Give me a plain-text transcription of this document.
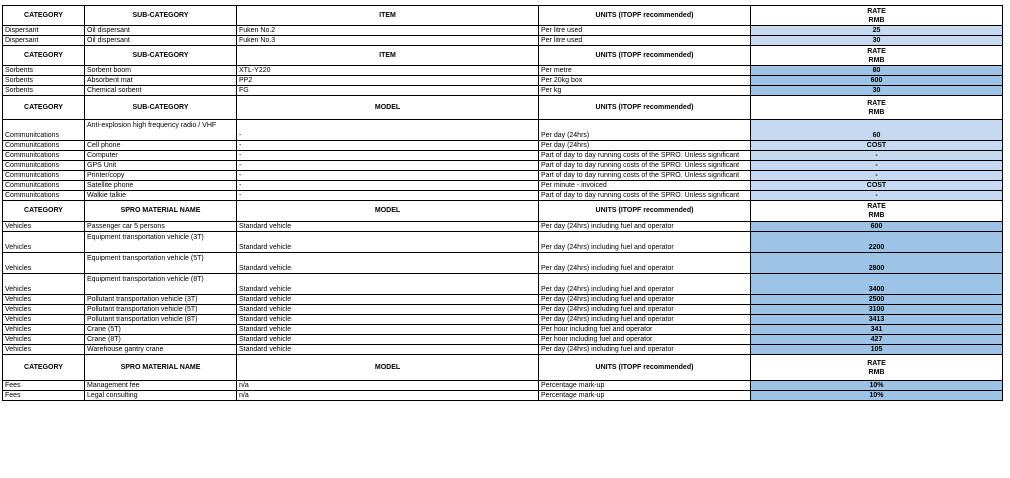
CATEGORY	SUB-CATEGORY	ITEM	UNITS (ITOPF recommended)	RATE
RMB
Dispersant	Oil dispersant	Fuken No.2	Per litre used	25
Dispersant	Oil dispersant	Fuken No.3	Per litre used	30
CATEGORY	SUB-CATEGORY	ITEM	UNITS (ITOPF recommended)	RATE
RMB
Sorbents	Sorbent boom	XTL-Y220	Per metre	80
Sorbents	Absorbent mat	PP2	Per 20kg box	600
Sorbents	Chemical sorbent	FG	Per kg	30
CATEGORY	SUB-CATEGORY	MODEL	UNITS (ITOPF recommended)	RATE
RMB
Communitcations	Anti-explosion high frequency radio / VHF	-	Per day (24hrs)	60
Communitcations	Cell phone	-	Per day (24hrs)	COST
Communitcations	Computer	-	Part of day to day running costs of the SPRO. Unless significant	-
Communitcations	GPS Unit	-	Part of day to day running costs of the SPRO. Unless significant	-
Communitcations	Printer/copy	-	Part of day to day running costs of the SPRO. Unless significant	-
Communitcations	Satellite phone	-	Per minute - invoiced	COST
Communitcations	Walkie talkie	-	Part of day to day running costs of the SPRO. Unless significant	-
CATEGORY	SPRO MATERIAL NAME	MODEL	UNITS (ITOPF recommended)	RATE
RMB
Vehicles	Passenger car 5 persons	Standard vehicle	Per day (24hrs) including fuel and operator	600
Vehicles	Equipment transportation vehicle (3T)	Standard vehicle	Per day (24hrs) including fuel and operator	2200
Vehicles	Equipment transportation vehicle (5T)	Standard vehicle	Per day (24hrs) including fuel and operator	2800
Vehicles	Equipment transportation vehicle (8T)	Standard vehicle	Per day (24hrs) including fuel and operator	3400
Vehicles	Pollutant transportation vehicle (3T)	Standard vehicle	Per day (24hrs) including fuel and operator	2500
Vehicles	Pollutant transportation vehicle (5T)	Standard vehicle	Per day (24hrs) including fuel and operator	3100
Vehicles	Pollutant transportation vehicle (8T)	Standard vehicle	Per day (24hrs) including fuel and operator	3413
Vehicles	Crane (5T)	Standard vehicle	Per hour including fuel and operator	341
Vehicles	Crane (8T)	Standard vehicle	Per hour including fuel and operator	427
Vehicles	Warehouse gantry crane	Standard vehicle	Per day (24hrs) including fuel and operator	105
CATEGORY	SPRO MATERIAL NAME	MODEL	UNITS (ITOPF recommended)	RATE
RMB
Fees	Management fee	n/a	Percentage mark-up	10%
Fees	Legal consulting	n/a	Percentage mark-up	10%
